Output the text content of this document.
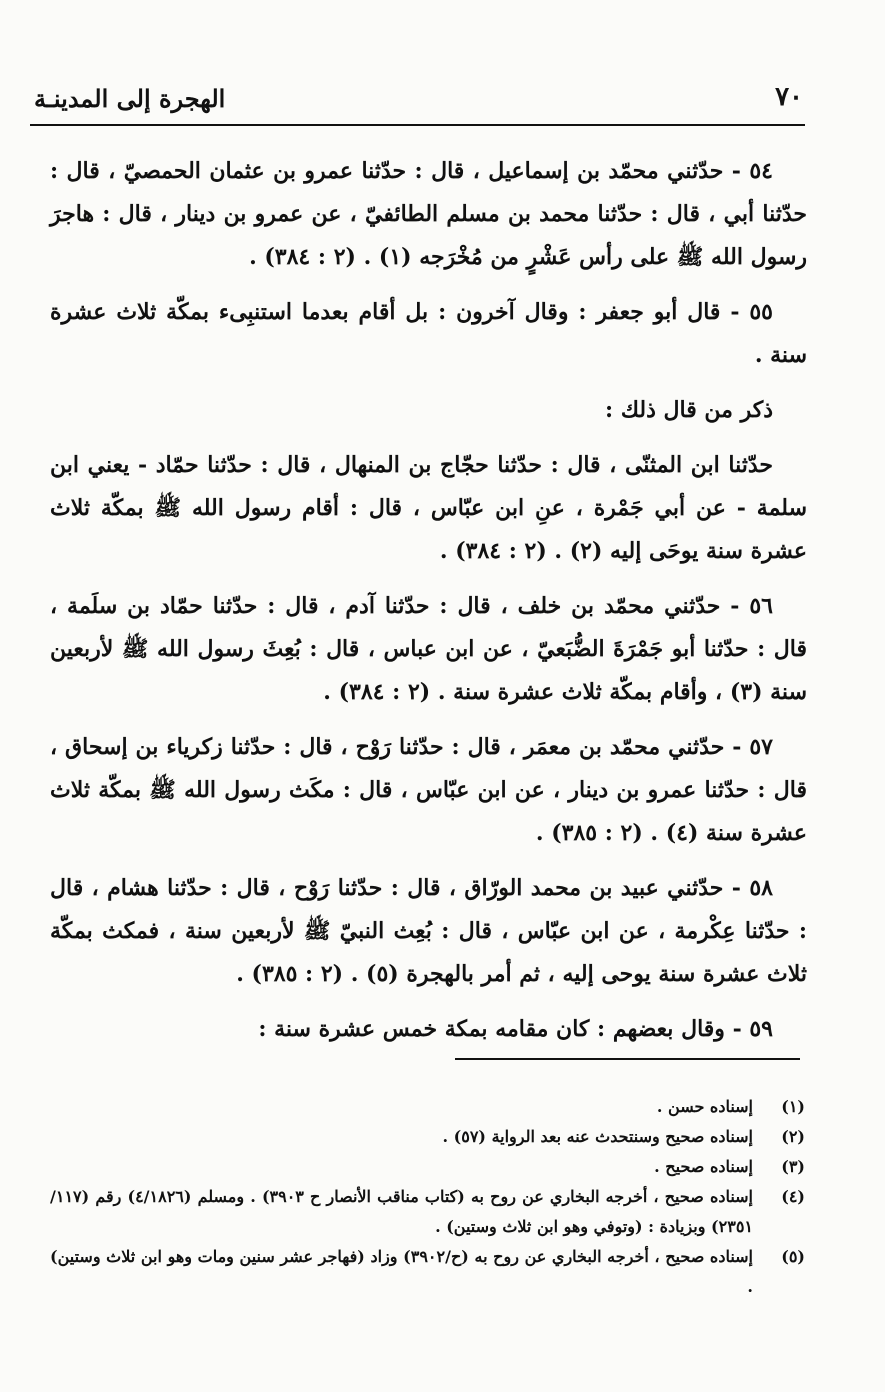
٧٠
الهجرة إلى المدينـة

٥٤ - حدّثني محمّد بن إسماعيل ، قال : حدّثنا عمرو بن عثمان الحمصيّ ، قال : حدّثنا أبي ، قال : حدّثنا محمد بن مسلم الطائفيّ ، عن عمرو بن دينار ، قال : هاجرَ رسول الله ﷺ على رأس عَشْرٍ من مُخْرَجه (١) . (٢ : ٣٨٤) .

٥٥ - قال أبو جعفر : وقال آخرون : بل أقام بعدما استنبِىء بمكّة ثلاث عشرة سنة .

ذكر من قال ذلك :

حدّثنا ابن المثنّى ، قال : حدّثنا حجّاج بن المنهال ، قال : حدّثنا حمّاد - يعني ابن سلمة - عن أبي جَمْرة ، عنِ ابن عبّاس ، قال : أقام رسول الله ﷺ بمكّة ثلاث عشرة سنة يوحَى إليه (٢) . (٢ : ٣٨٤) .

٥٦ - حدّثني محمّد بن خلف ، قال : حدّثنا آدم ، قال : حدّثنا حمّاد بن سلَمة ، قال : حدّثنا أبو جَمْرَةَ الضُّبَعيّ ، عن ابن عباس ، قال : بُعِثَ رسول الله ﷺ لأربعين سنة (٣) ، وأقام بمكّة ثلاث عشرة سنة . (٢ : ٣٨٤) .

٥٧ - حدّثني محمّد بن معمَر ، قال : حدّثنا رَوْح ، قال : حدّثنا زكرياء بن إسحاق ، قال : حدّثنا عمرو بن دينار ، عن ابن عبّاس ، قال : مكَث رسول الله ﷺ بمكّة ثلاث عشرة سنة (٤) . (٢ : ٣٨٥) .

٥٨ - حدّثني عبيد بن محمد الورّاق ، قال : حدّثنا رَوْح ، قال : حدّثنا هشام ، قال : حدّثنا عِكْرمة ، عن ابن عبّاس ، قال : بُعِث النبيّ ﷺ لأربعين سنة ، فمكث بمكّة ثلاث عشرة سنة يوحى إليه ، ثم أمر بالهجرة (٥) . (٢ : ٣٨٥) .

٥٩ - وقال بعضهم : كان مقامه بمكة خمس عشرة سنة :

(١)
إسناده حسن .
(٢)
إسناده صحيح وسنتحدث عنه بعد الرواية (٥٧) .
(٣)
إسناده صحيح .
(٤)
إسناده صحيح ، أخرجه البخاري عن روح به (كتاب مناقب الأنصار ح ٣٩٠٣) . ومسلم (٤/١٨٢٦) رقم (١١٧/ ٢٣٥١) وبزيادة : (وتوفي وهو ابن ثلاث وستين) .
(٥)
إسناده صحيح ، أخرجه البخاري عن روح به (ح/٣٩٠٢) وزاد (فهاجر عشر سنين ومات وهو ابن ثلاث وستين) .
